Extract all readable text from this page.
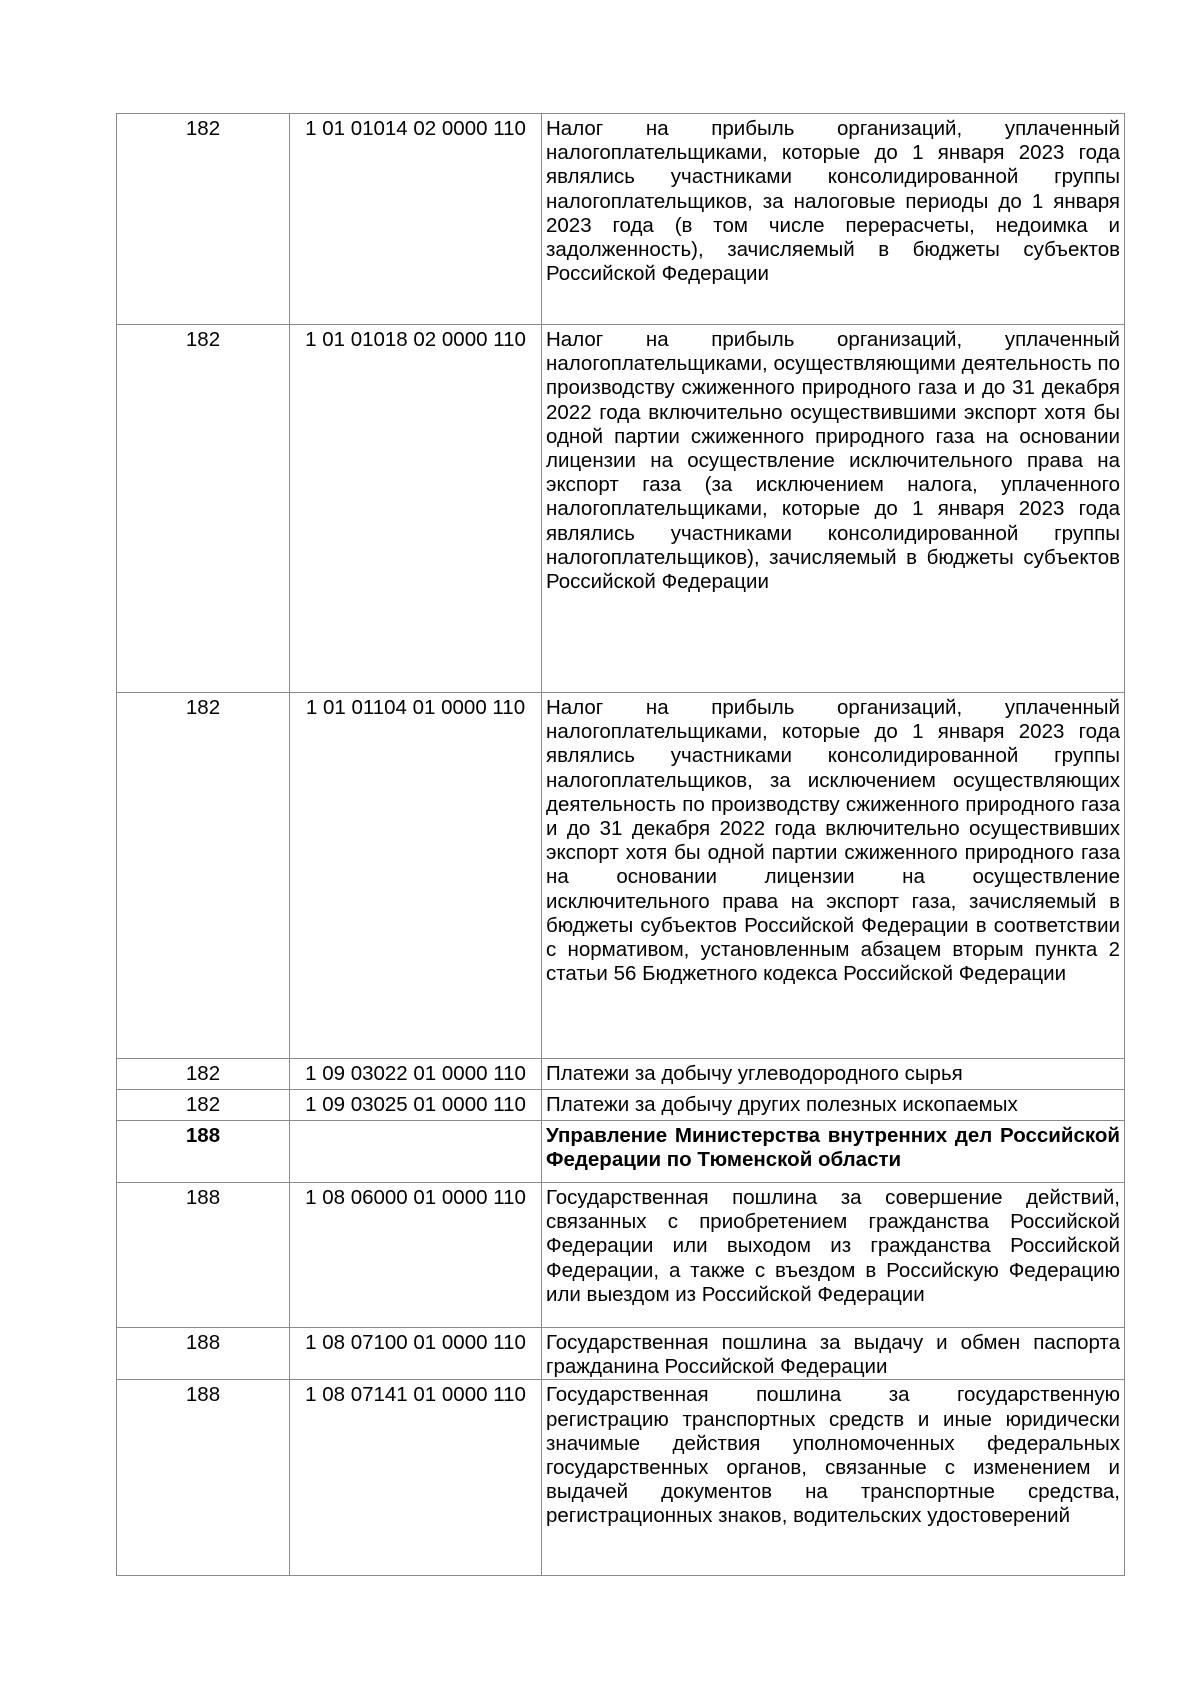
182	1 01 01014 02 0000 110	Налог на прибыль организаций, уплаченный налогоплательщиками, которые до 1 января 2023 года являлись участниками консолидированной группы налогоплательщиков, за налоговые периоды до 1 января 2023 года (в том числе перерасчеты, недоимка и задолженность), зачисляемый в бюджеты субъектов Российской Федерации
182	1 01 01018 02 0000 110	Налог на прибыль организаций, уплаченный налогоплательщиками, осуществляющими деятельность по производству сжиженного природного газа и до 31 декабря 2022 года включительно осуществившими экспорт хотя бы одной партии сжиженного природного газа на основании лицензии на осуществление исключительного права на экспорт газа (за исключением налога, уплаченного налогоплательщиками, которые до 1 января 2023 года являлись участниками консолидированной группы налогоплательщиков), зачисляемый в бюджеты субъектов Российской Федерации
182	1 01 01104 01 0000 110	Налог на прибыль организаций, уплаченный налогоплательщиками, которые до 1 января 2023 года являлись участниками консолидированной группы налогоплательщиков, за исключением осуществляющих деятельность по производству сжиженного природного газа и до 31 декабря 2022 года включительно осуществивших экспорт хотя бы одной партии сжиженного природного газа на основании лицензии на осуществление исключительного права на экспорт газа, зачисляемый в бюджеты субъектов Российской Федерации в соответствии с нормативом, установленным абзацем вторым пункта 2 статьи 56 Бюджетного кодекса Российской Федерации
182	1 09 03022 01 0000 110	Платежи за добычу углеводородного сырья
182	1 09 03025 01 0000 110	Платежи за добычу других полезных ископаемых
188		Управление Министерства внутренних дел Российской Федерации по Тюменской области
188	1 08 06000 01 0000 110	Государственная пошлина за совершение действий, связанных с приобретением гражданства Российской Федерации или выходом из гражданства Российской Федерации, а также с въездом в Российскую Федерацию или выездом из Российской Федерации
188	1 08 07100 01 0000 110	Государственная пошлина за выдачу и обмен паспорта гражданина Российской Федерации
188	1 08 07141 01 0000 110	Государственная пошлина за государственную регистрацию транспортных средств и иные юридически значимые действия уполномоченных федеральных государственных органов, связанные с изменением и выдачей документов на транспортные средства, регистрационных знаков, водительских удостоверений
